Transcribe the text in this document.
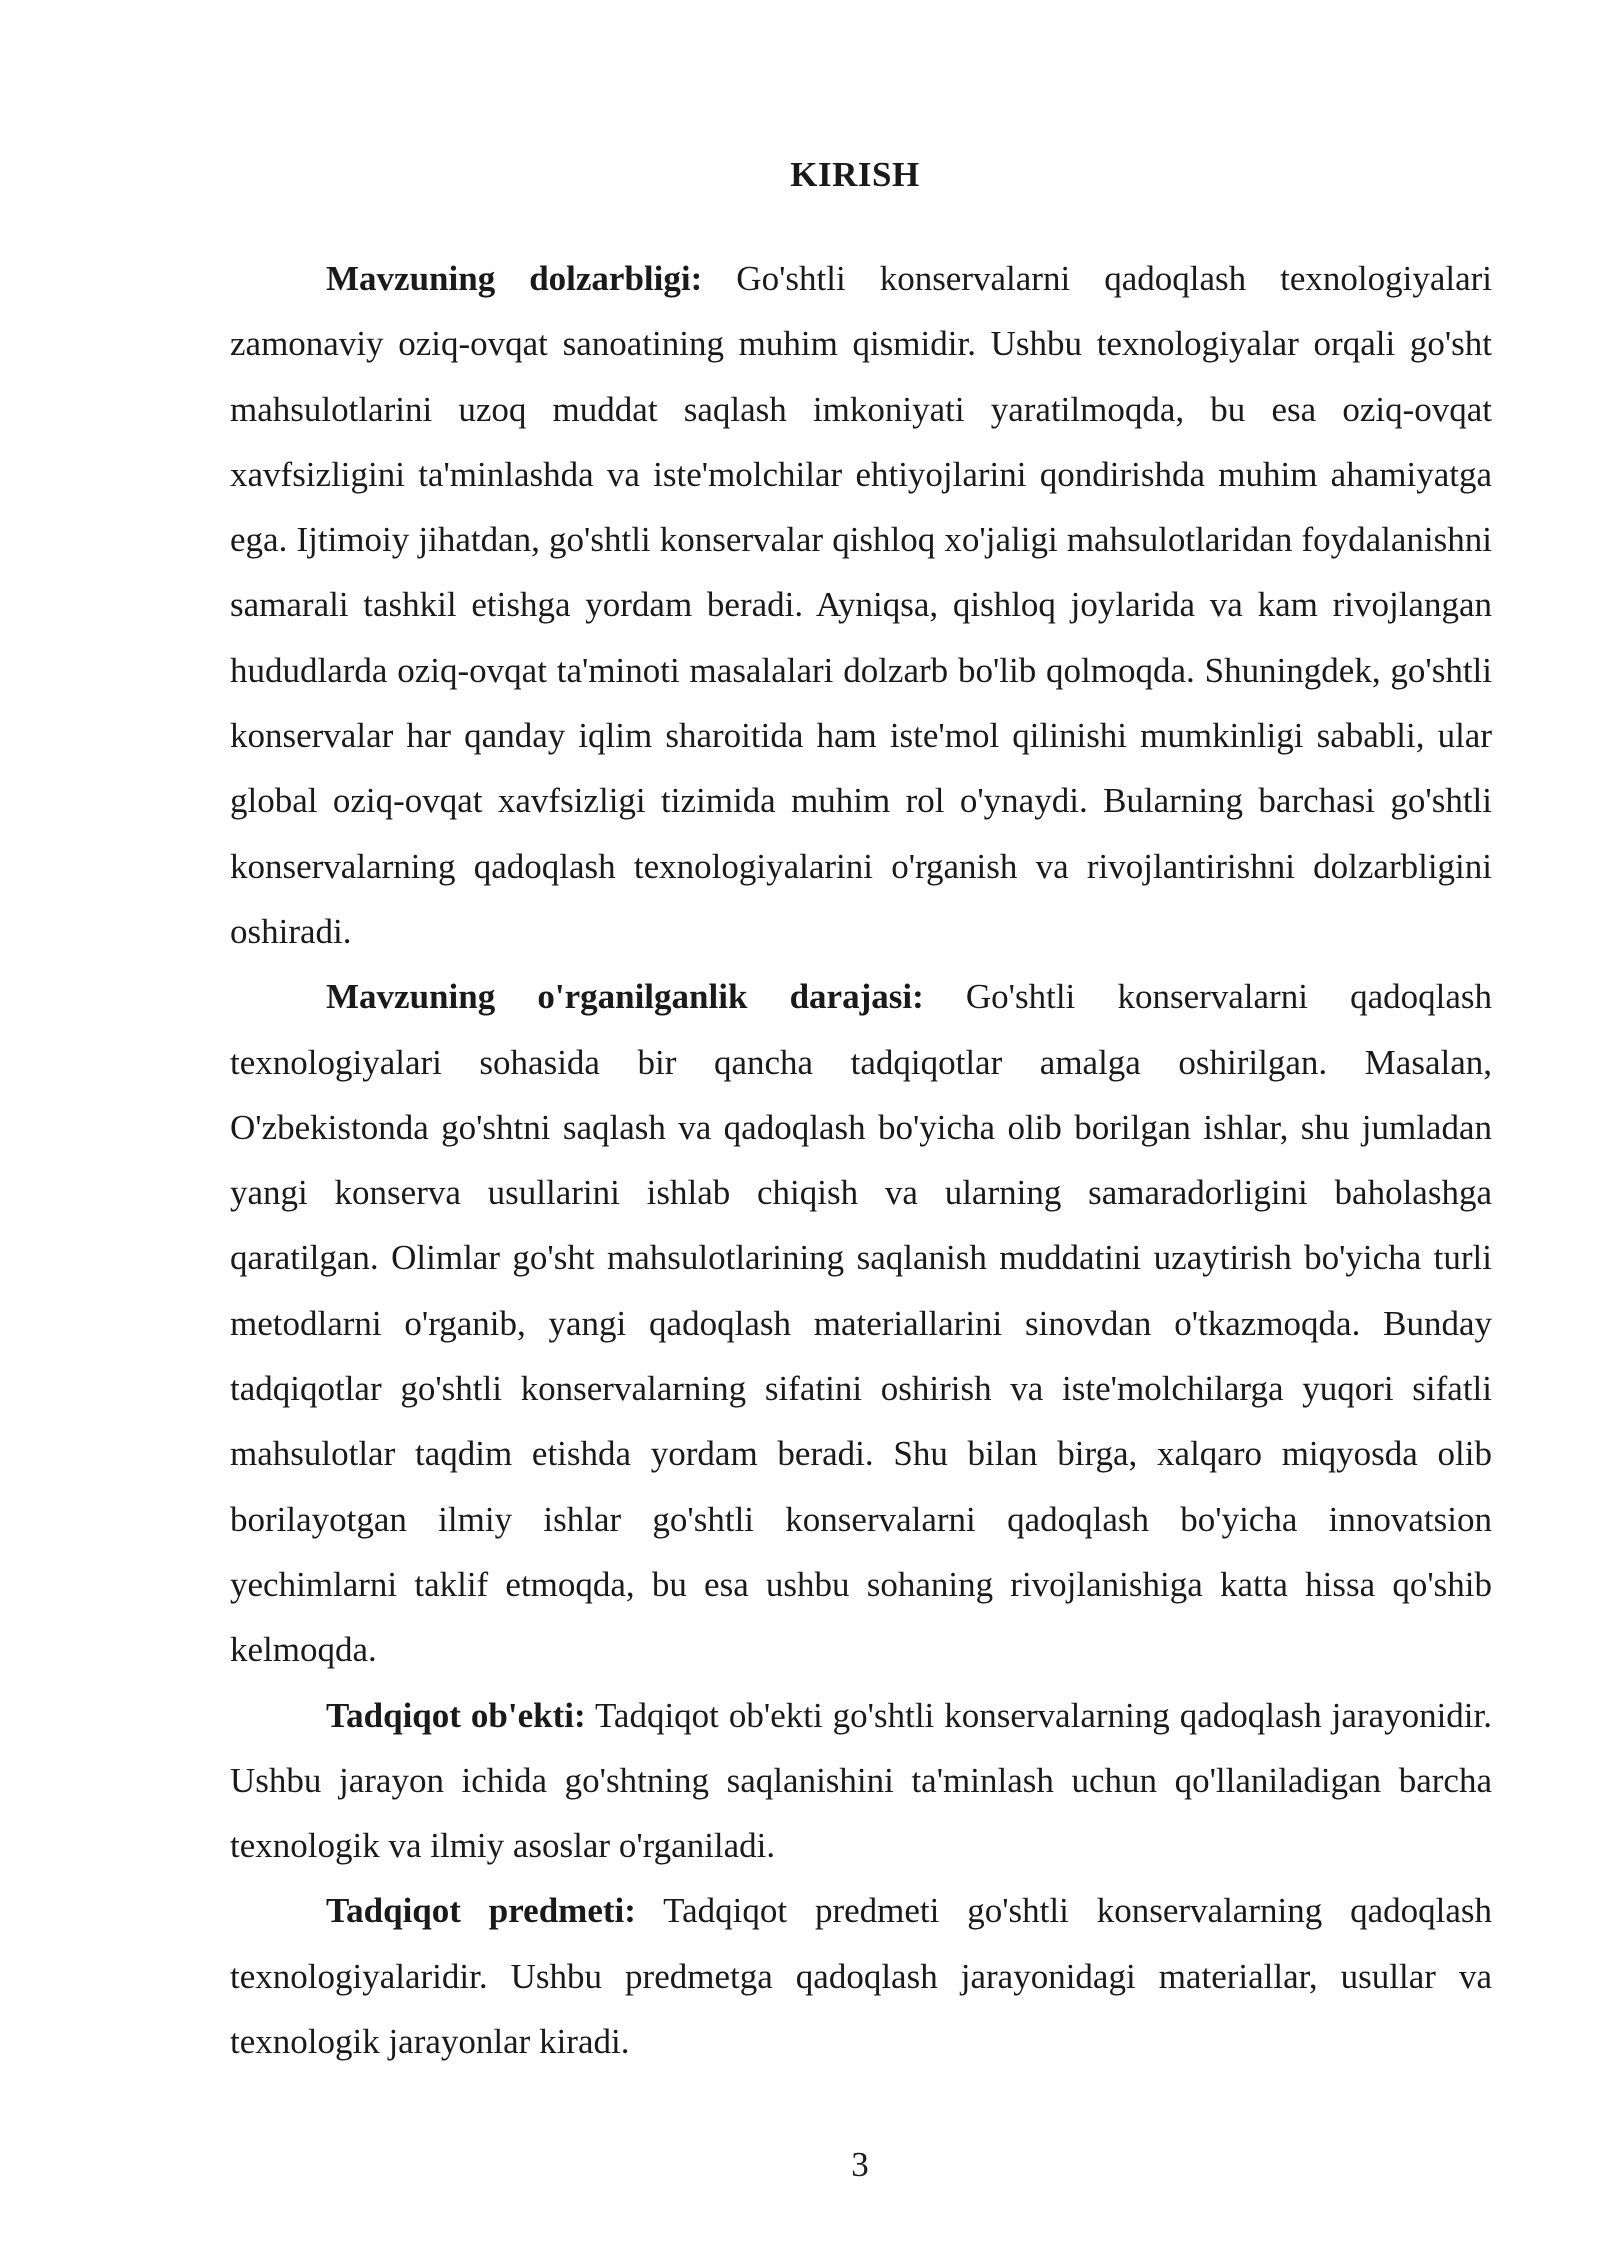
KIRISH

Mavzuning dolzarbligi: Go'shtli konservalarni qadoqlash texnologiyalari zamonaviy oziq-ovqat sanoatining muhim qismidir. Ushbu texnologiyalar orqali go'sht mahsulotlarini uzoq muddat saqlash imkoniyati yaratilmoqda, bu esa oziq-ovqat xavfsizligini ta'minlashda va iste'molchilar ehtiyojlarini qondirishda muhim ahamiyatga ega. Ijtimoiy jihatdan, go'shtli konservalar qishloq xo'jaligi mahsulotlaridan foydalanishni samarali tashkil etishga yordam beradi. Ayniqsa, qishloq joylarida va kam rivojlangan hududlarda oziq-ovqat ta'minoti masalalari dolzarb bo'lib qolmoqda. Shuningdek, go'shtli konservalar har qanday iqlim sharoitida ham iste'mol qilinishi mumkinligi sababli, ular global oziq-ovqat xavfsizligi tizimida muhim rol o'ynaydi. Bularning barchasi go'shtli konservalarning qadoqlash texnologiyalarini o'rganish va rivojlantirishni dolzarbligini oshiradi.

Mavzuning o'rganilganlik darajasi: Go'shtli konservalarni qadoqlash texnologiyalari sohasida bir qancha tadqiqotlar amalga oshirilgan. Masalan, O'zbekistonda go'shtni saqlash va qadoqlash bo'yicha olib borilgan ishlar, shu jumladan yangi konserva usullarini ishlab chiqish va ularning samaradorligini baholashga qaratilgan. Olimlar go'sht mahsulotlarining saqlanish muddatini uzaytirish bo'yicha turli metodlarni o'rganib, yangi qadoqlash materiallarini sinovdan o'tkazmoqda. Bunday tadqiqotlar go'shtli konservalarning sifatini oshirish va iste'molchilarga yuqori sifatli mahsulotlar taqdim etishda yordam beradi. Shu bilan birga, xalqaro miqyosda olib borilayotgan ilmiy ishlar go'shtli konservalarni qadoqlash bo'yicha innovatsion yechimlarni taklif etmoqda, bu esa ushbu sohaning rivojlanishiga katta hissa qo'shib kelmoqda.

Tadqiqot ob'ekti: Tadqiqot ob'ekti go'shtli konservalarning qadoqlash jarayonidir. Ushbu jarayon ichida go'shtning saqlanishini ta'minlash uchun qo'llaniladigan barcha texnologik va ilmiy asoslar o'rganiladi.

Tadqiqot predmeti: Tadqiqot predmeti go'shtli konservalarning qadoqlash texnologiyalaridir. Ushbu predmetga qadoqlash jarayonidagi materiallar, usullar va texnologik jarayonlar kiradi.

3
